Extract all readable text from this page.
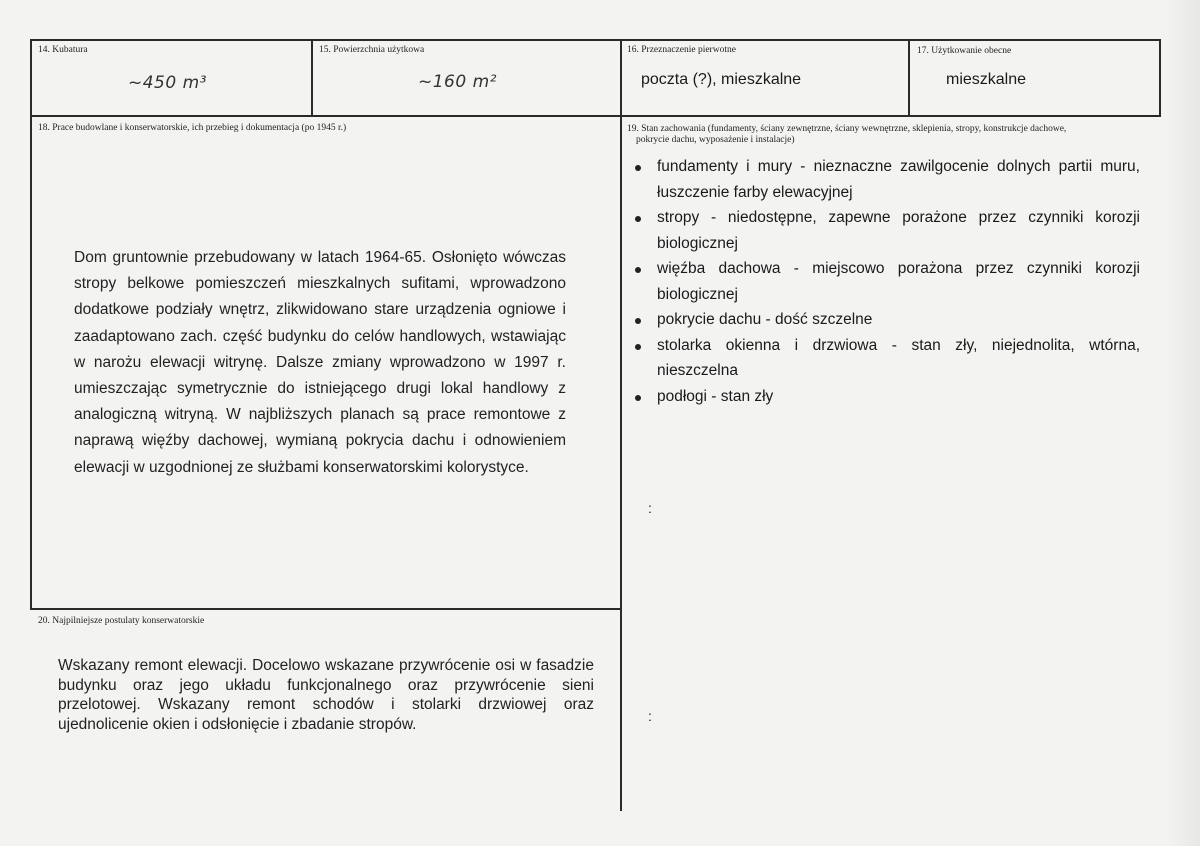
14. Kubatura
~450 m³
15. Powierzchnia użytkowa
~160 m²
16. Przeznaczenie pierwotne
poczta (?), mieszkalne
17. Użytkowanie obecne
mieszkalne
18. Prace budowlane i konserwatorskie, ich przebieg i dokumentacja (po 1945 r.)
Dom gruntownie przebudowany w latach 1964-65. Osłonięto wówczas stropy belkowe pomieszczeń mieszkalnych sufitami, wprowadzono dodatkowe podziały wnętrz, zlikwidowano stare urządzenia ogniowe i zaadaptowano zach. część budynku do celów handlowych, wstawiając w narożu elewacji witrynę. Dalsze zmiany wprowadzono w 1997 r. umieszczając symetrycznie do istniejącego drugi lokal handlowy z analogiczną witryną. W najbliższych planach są prace remontowe z naprawą więźby dachowej, wymianą pokrycia dachu i odnowieniem elewacji w uzgodnionej ze służbami konserwatorskimi kolorystyce.
19. Stan zachowania (fundamenty, ściany zewnętrzne, ściany wewnętrzne, sklepienia, stropy, konstrukcje dachowe,
pokrycie dachu, wyposażenie i instalacje)
fundamenty i mury - nieznaczne zawilgocenie dolnych partii muru, łuszczenie farby elewacyjnej
stropy - niedostępne, zapewne porażone przez czynniki korozji biologicznej
więźba dachowa - miejscowo porażona przez czynniki korozji biologicznej
pokrycie dachu - dość szczelne
stolarka okienna i drzwiowa - stan zły, niejednolita, wtórna, nieszczelna
podłogi - stan zły
20. Najpilniejsze postulaty konserwatorskie
Wskazany remont elewacji. Docelowo wskazane przywrócenie osi w fasadzie budynku oraz jego układu funkcjonalnego oraz przywrócenie sieni przelotowej. Wskazany remont schodów i stolarki drzwiowej oraz ujednolicenie okien i odsłonięcie i zbadanie stropów.
:
:
